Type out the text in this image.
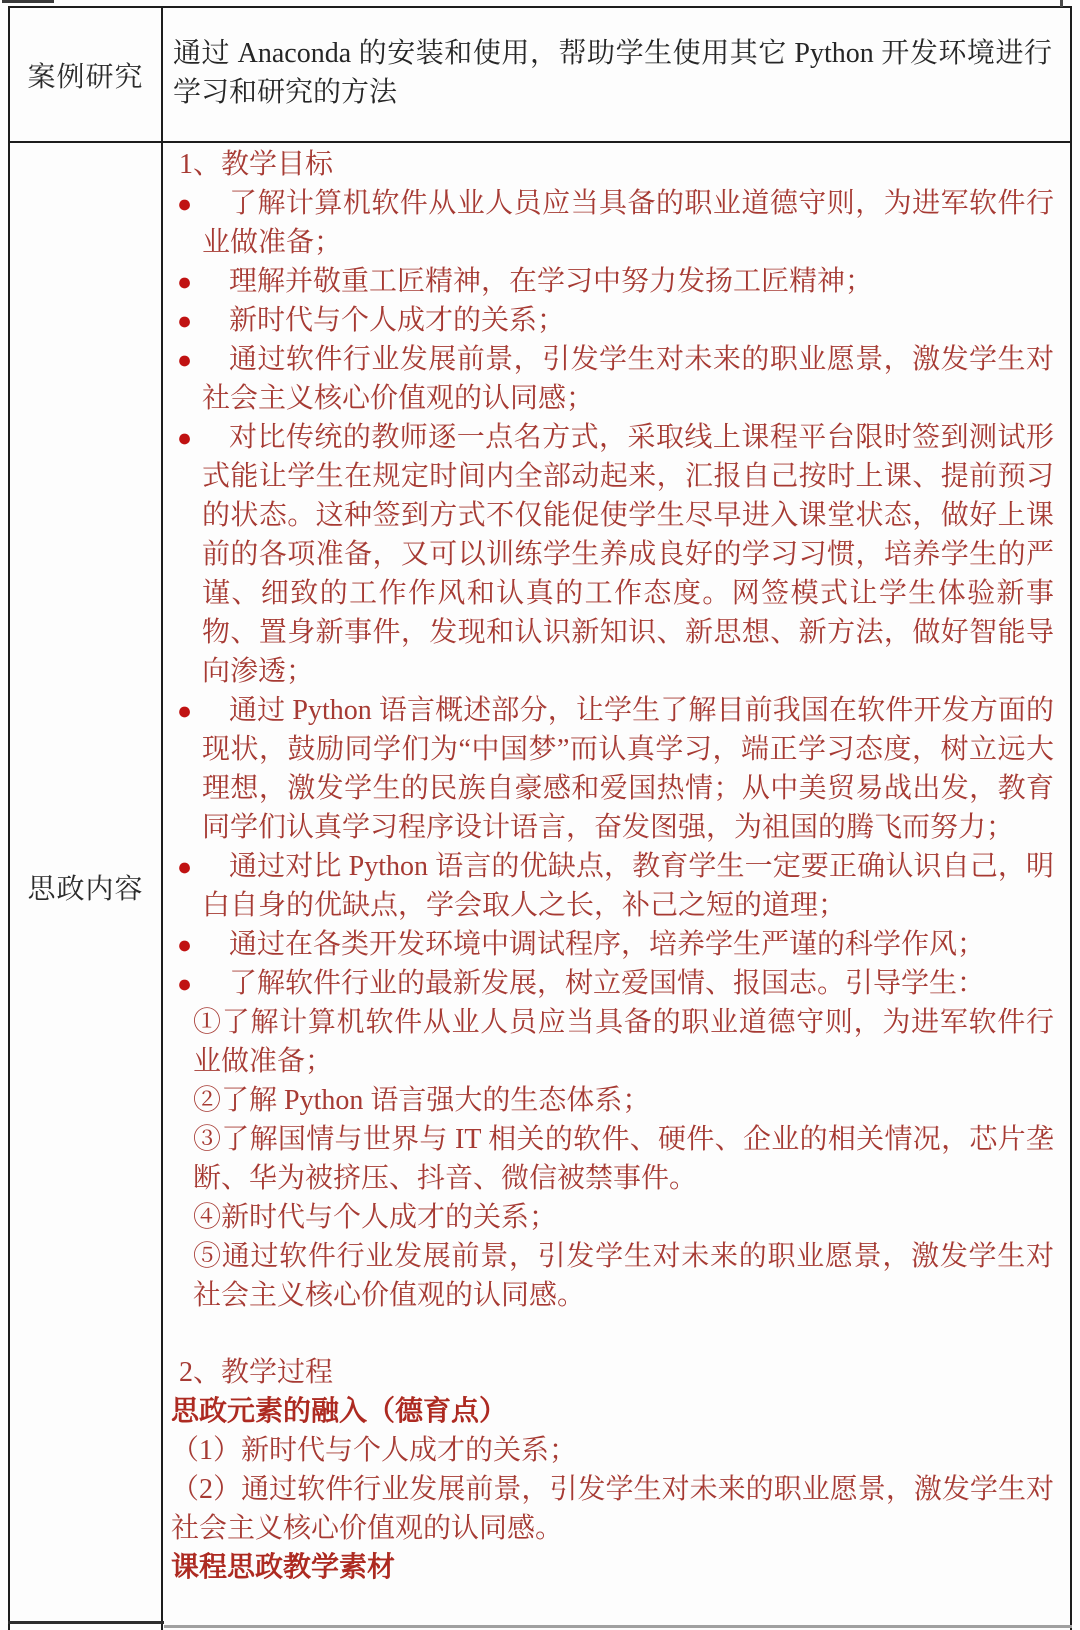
案例研究
通过 Anaconda 的安装和使用，帮助学生使用其它 Python 开发环境进行学习和研究的方法
思政内容
1、教学目标
● 了解计算机软件从业人员应当具备的职业道德守则，为进军软件行业做准备；
● 理解并敬重工匠精神，在学习中努力发扬工匠精神；
● 新时代与个人成才的关系；
● 通过软件行业发展前景，引发学生对未来的职业愿景，激发学生对社会主义核心价值观的认同感；
● 对比传统的教师逐一点名方式，采取线上课程平台限时签到测试形式能让学生在规定时间内全部动起来，汇报自己按时上课、提前预习的状态。这种签到方式不仅能促使学生尽早进入课堂状态，做好上课前的各项准备，又可以训练学生养成良好的学习习惯，培养学生的严谨、细致的工作作风和认真的工作态度。网签模式让学生体验新事物、置身新事件，发现和认识新知识、新思想、新方法，做好智能导向渗透；
● 通过 Python 语言概述部分，让学生了解目前我国在软件开发方面的现状，鼓励同学们为“中国梦”而认真学习，端正学习态度，树立远大理想，激发学生的民族自豪感和爱国热情；从中美贸易战出发，教育同学们认真学习程序设计语言，奋发图强，为祖国的腾飞而努力；
● 通过对比 Python 语言的优缺点，教育学生一定要正确认识自己，明白自身的优缺点，学会取人之长，补己之短的道理；
● 通过在各类开发环境中调试程序，培养学生严谨的科学作风；
● 了解软件行业的最新发展，树立爱国情、报国志。引导学生：
①了解计算机软件从业人员应当具备的职业道德守则，为进军软件行业做准备；
②了解 Python 语言强大的生态体系；
③了解国情与世界与 IT 相关的软件、硬件、企业的相关情况，芯片垄断、华为被挤压、抖音、微信被禁事件。
④新时代与个人成才的关系；
⑤通过软件行业发展前景，引发学生对未来的职业愿景，激发学生对社会主义核心价值观的认同感。
2、教学过程
思政元素的融入（德育点）
（1）新时代与个人成才的关系；
（2）通过软件行业发展前景，引发学生对未来的职业愿景，激发学生对社会主义核心价值观的认同感。
课程思政教学素材
